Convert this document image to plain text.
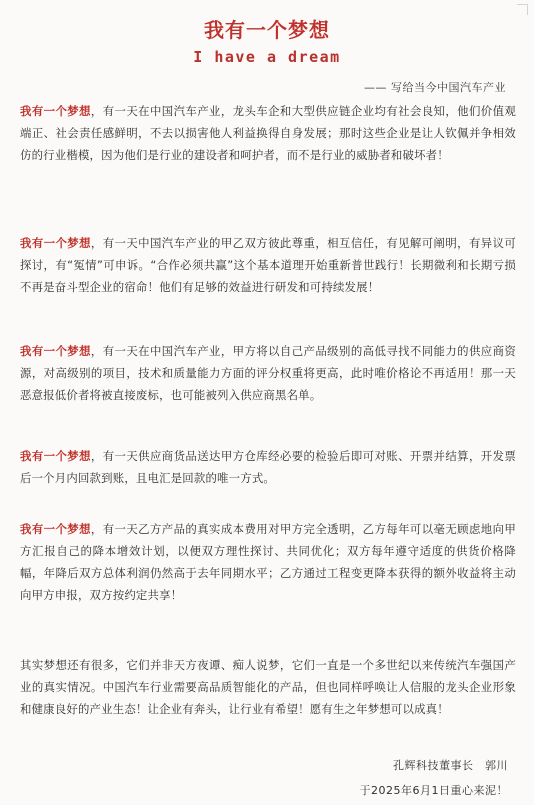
我有一个梦想
I have a dream
—— 写给当今中国汽车产业
我有一个梦想，有一天在中国汽车产业，龙头车企和大型供应链企业均有社会良知，他们价值观端正、社会责任感鲜明，不去以损害他人利益换得自身发展；那时这些企业是让人钦佩并争相效仿的行业楷模，因为他们是行业的建设者和呵护者，而不是行业的威胁者和破坏者！
我有一个梦想，有一天中国汽车产业的甲乙双方彼此尊重，相互信任，有见解可阐明，有异议可探讨，有“冤情”可申诉。“合作必须共赢”这个基本道理开始重新普世践行！长期微利和长期亏损不再是奋斗型企业的宿命！他们有足够的效益进行研发和可持续发展！
我有一个梦想，有一天在中国汽车产业，甲方将以自己产品级别的高低寻找不同能力的供应商资源，对高级别的项目，技术和质量能力方面的评分权重将更高，此时唯价格论不再适用！那一天恶意报低价者将被直接废标，也可能被列入供应商黑名单。
我有一个梦想，有一天供应商货品送达甲方仓库经必要的检验后即可对账、开票并结算，开发票后一个月内回款到账，且电汇是回款的唯一方式。
我有一个梦想，有一天乙方产品的真实成本费用对甲方完全透明，乙方每年可以毫无顾虑地向甲方汇报自己的降本增效计划，以便双方理性探讨、共同优化；双方每年遵守适度的供货价格降幅，年降后双方总体利润仍然高于去年同期水平；乙方通过工程变更降本获得的额外收益将主动向甲方申报，双方按约定共享！
其实梦想还有很多，它们并非天方夜谭、痴人说梦，它们一直是一个多世纪以来传统汽车强国产业的真实情况。中国汽车行业需要高品质智能化的产品，但也同样呼唤让人信服的龙头企业形象和健康良好的产业生态！让企业有奔头，让行业有希望！愿有生之年梦想可以成真！
孔辉科技董事长　郭川
于2025年6月1日重心来泥！
